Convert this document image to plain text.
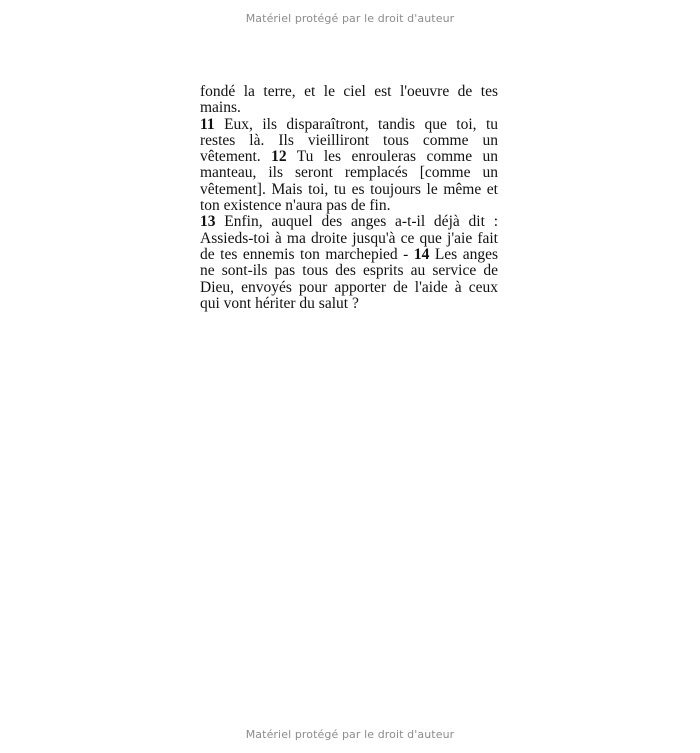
Matériel protégé par le droit d'auteur

fondé la terre, et le ciel est l'oeuvre de tes mains.
11 Eux, ils disparaîtront, tandis que toi, tu restes là. Ils vieilliront tous comme un vêtement. 12 Tu les enrouleras comme un manteau, ils seront remplacés [comme un vêtement]. Mais toi, tu es toujours le même et ton existence n'aura pas de fin.

13 Enfin, auquel des anges a-t-il déjà dit : Assieds-toi à ma droite jusqu'à ce que j'aie fait de tes ennemis ton marchepied - 14 Les anges ne sont-ils pas tous des esprits au service de Dieu, envoyés pour apporter de l'aide à ceux qui vont hériter du salut ?

Matériel protégé par le droit d'auteur
